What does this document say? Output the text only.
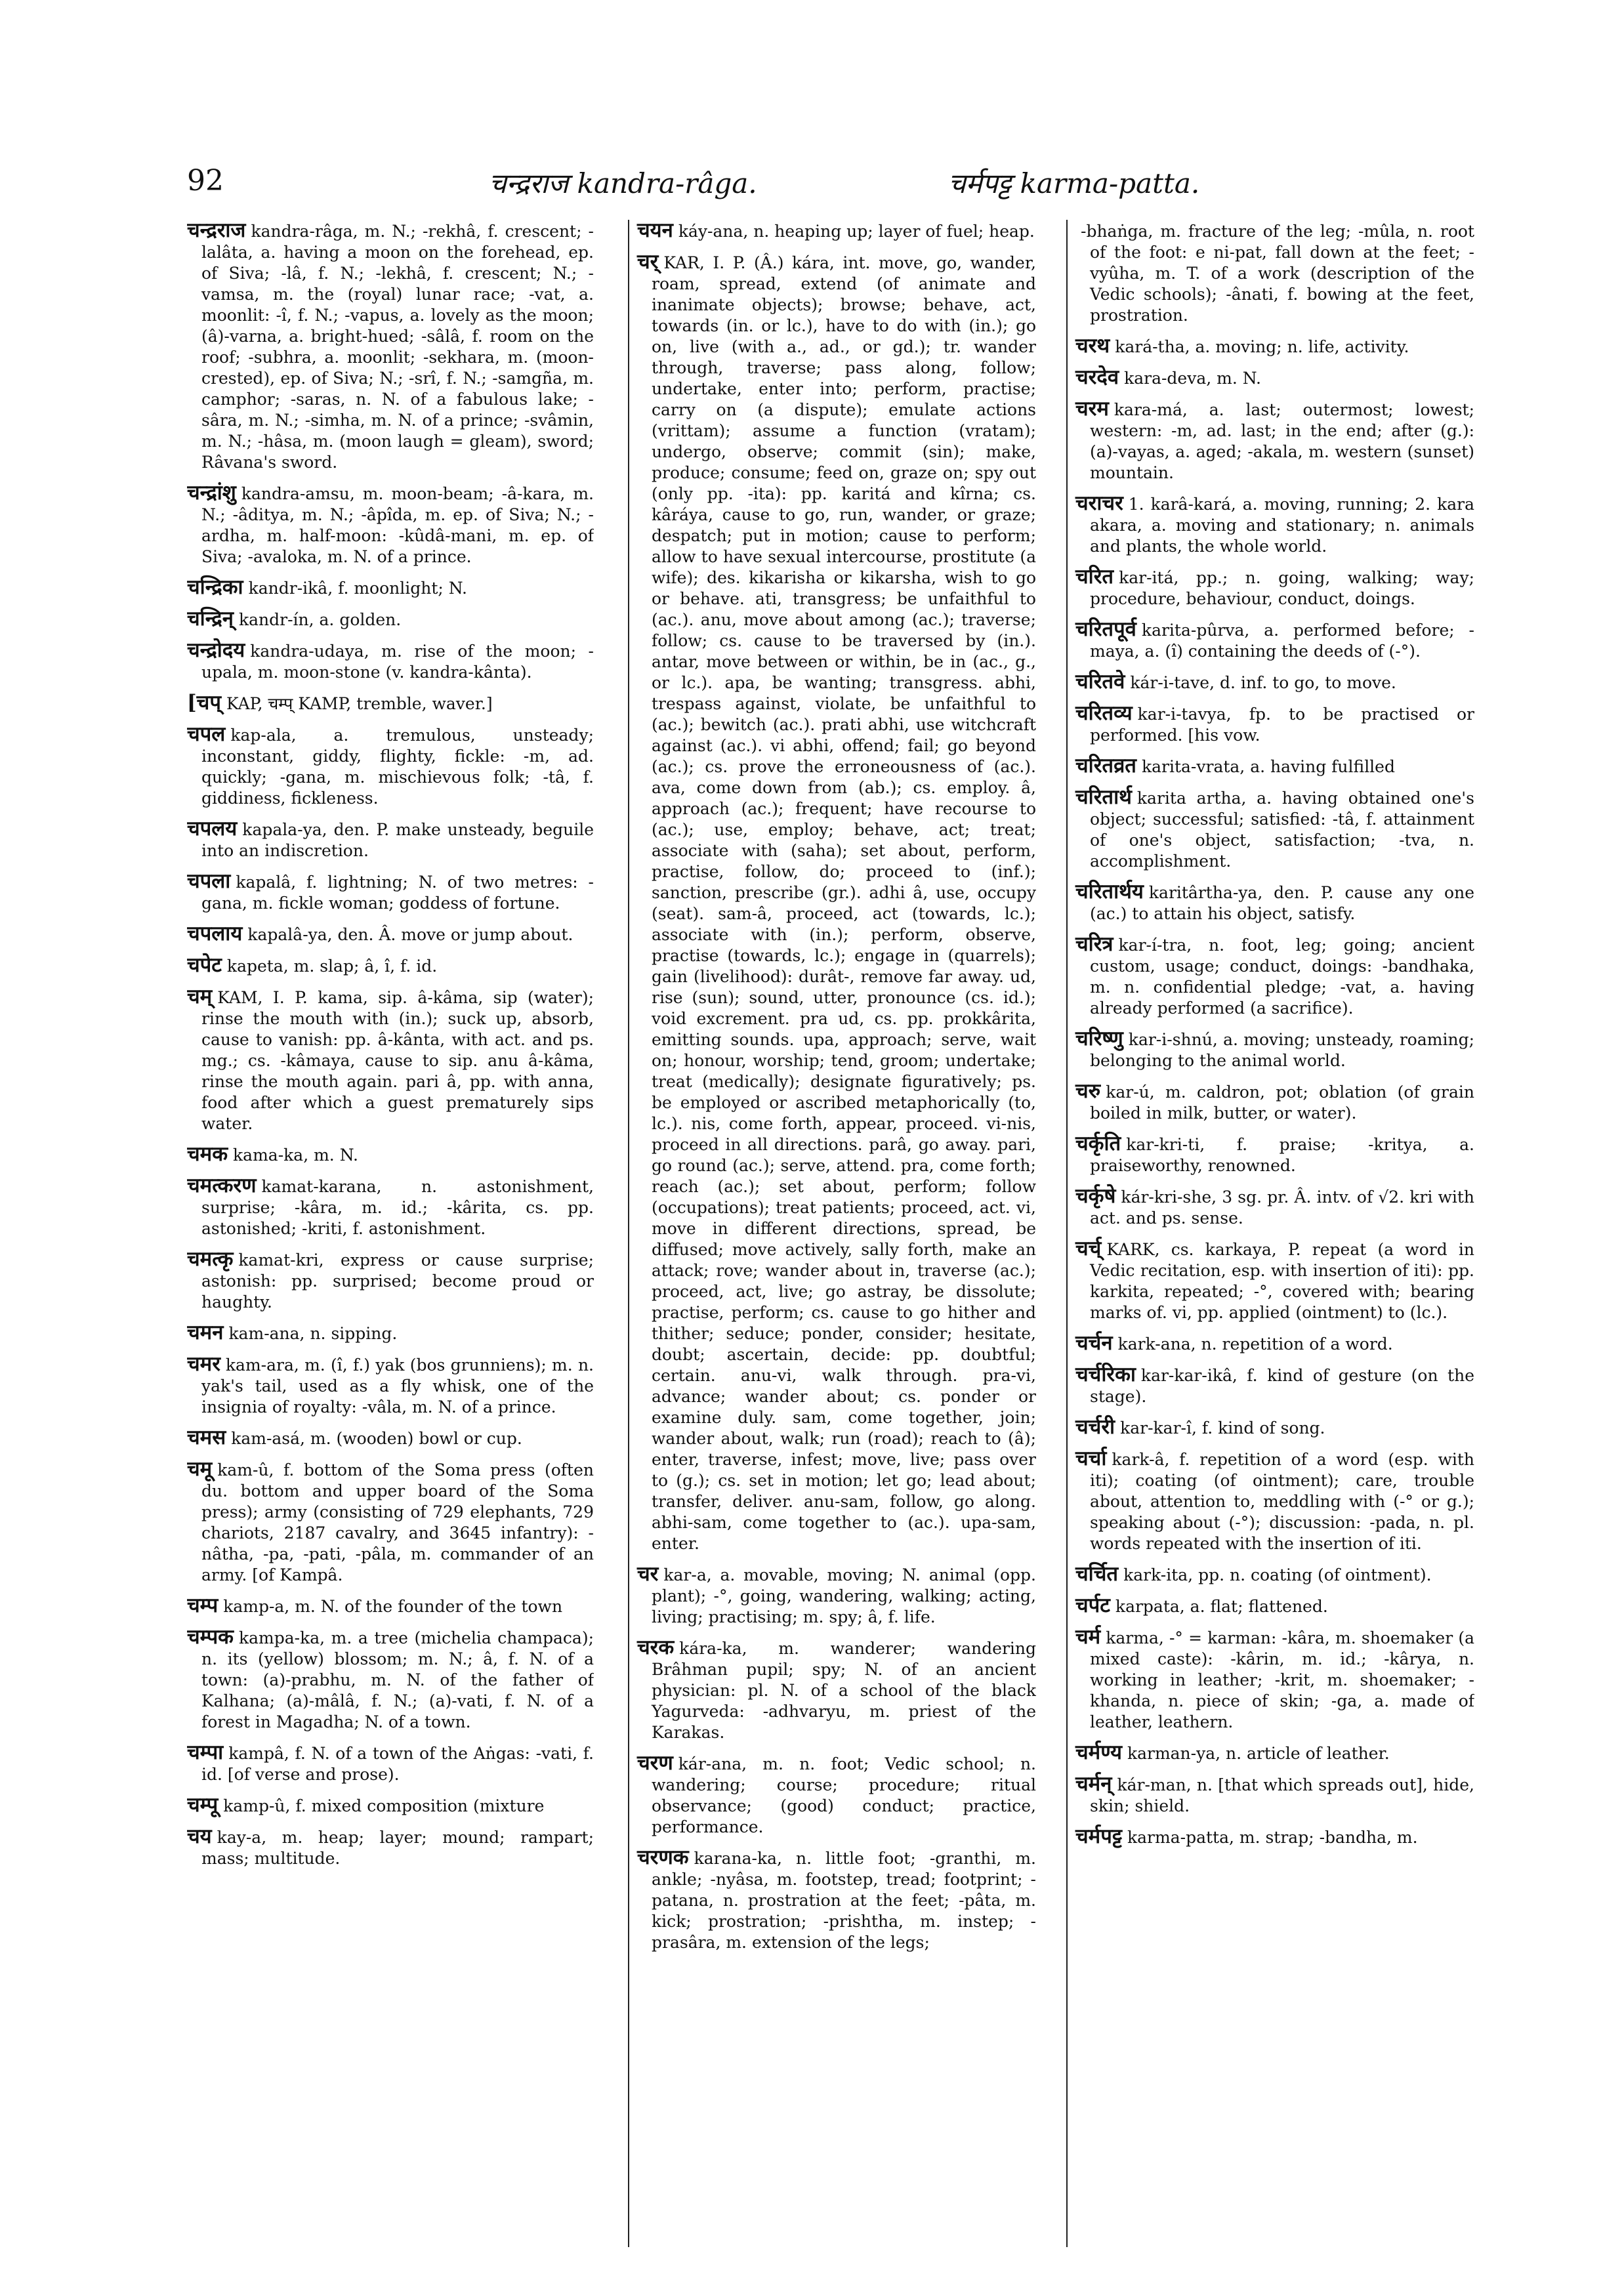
92	चन्द्रराज kandra-râga.	चर्मपट्ट karma-patta.

चन्द्रराज kandra-râga, m. N.; -rekhâ, f. crescent; -lalâta, a. having a moon on the forehead, ep. of Siva; -lâ, f. N.; -lekhâ, f. crescent; N.; -vamsa, m. the (royal) lunar race; -vat, a. moonlit: -î, f. N.; -vapus, a. lovely as the moon; (â)-varna, a. bright-hued; -sâlâ, f. room on the roof; -subhra, a. moonlit; -sekhara, m. (moon-crested), ep. of Siva; N.; -srî, f. N.; -samgña, m. camphor; -saras, n. N. of a fabulous lake; -sâra, m. N.; -simha, m. N. of a prince; -svâmin, m. N.; -hâsa, m. (moon laugh = gleam), sword; Râvana's sword.

चन्द्रांशु kandra-amsu, m. moon-beam; -â-kara, m. N.; -âditya, m. N.; -âpîda, m. ep. of Siva; N.; -ardha, m. half-moon: -kûdâ-mani, m. ep. of Siva; -avaloka, m. N. of a prince.

चन्द्रिका kandr-ikâ, f. moonlight; N.

चन्द्रिन् kandr-ín, a. golden.

चन्द्रोदय kandra-udaya, m. rise of the moon; -upala, m. moon-stone (v. kandra-kânta).

[चप् KAP, चम्प् KAMP, tremble, waver.]

चपल kap-ala, a. tremulous, unsteady; inconstant, giddy, flighty, fickle: -m, ad. quickly; -gana, m. mischievous folk; -tâ, f. giddiness, fickleness.

चपलय kapala-ya, den. P. make unsteady, beguile into an indiscretion.

चपला kapalâ, f. lightning; N. of two metres: -gana, m. fickle woman; goddess of fortune.

चपलाय kapalâ-ya, den. Â. move or jump about.

चपेट kapeta, m. slap; â, î, f. id.

चम् KAM, I. P. kama, sip. â-kâma, sip (water); rinse the mouth with (in.); suck up, absorb, cause to vanish: pp. â-kânta, with act. and ps. mg.; cs. -kâmaya, cause to sip. anu â-kâma, rinse the mouth again. pari â, pp. with anna, food after which a guest prematurely sips water.

चमक kama-ka, m. N.

चमत्करण kamat-karana, n. astonishment, surprise; -kâra, m. id.; -kârita, cs. pp. astonished; -kriti, f. astonishment.

चमत्कृ kamat-kri, express or cause surprise; astonish: pp. surprised; become proud or haughty.

चमन kam-ana, n. sipping.

चमर kam-ara, m. (î, f.) yak (bos grunniens); m. n. yak's tail, used as a fly whisk, one of the insignia of royalty: -vâla, m. N. of a prince.

चमस kam-asá, m. (wooden) bowl or cup.

चमू kam-û, f. bottom of the Soma press (often du. bottom and upper board of the Soma press); army (consisting of 729 elephants, 729 chariots, 2187 cavalry, and 3645 infantry): -nâtha, -pa, -pati, -pâla, m. commander of an army. [of Kampâ.

चम्प kamp-a, m. N. of the founder of the town

चम्पक kampa-ka, m. a tree (michelia champaca); n. its (yellow) blossom; m. N.; â, f. N. of a town: (a)-prabhu, m. N. of the father of Kalhana; (a)-mâlâ, f. N.; (a)-vati, f. N. of a forest in Magadha; N. of a town.

चम्पा kampâ, f. N. of a town of the Aṅgas: -vati, f. id. [of verse and prose).

चम्पू kamp-û, f. mixed composition (mixture

चय kay-a, m. heap; layer; mound; rampart; mass; multitude.

चयन káy-ana, n. heaping up; layer of fuel; heap.

चर् KAR, I. P. (Â.) kára, int. move, go, wander, roam, spread, extend (of animate and inanimate objects); browse; behave, act, towards (in. or lc.), have to do with (in.); go on, live (with a., ad., or gd.); tr. wander through, traverse; pass along, follow; undertake, enter into; perform, practise; carry on (a dispute); emulate actions (vrittam); assume a function (vratam); undergo, observe; commit (sin); make, produce; consume; feed on, graze on; spy out (only pp. -ita): pp. karitá and kîrna; cs. kâráya, cause to go, run, wander, or graze; despatch; put in motion; cause to perform; allow to have sexual intercourse, prostitute (a wife); des. kikarisha or kikarsha, wish to go or behave. ati, transgress; be unfaithful to (ac.). anu, move about among (ac.); traverse; follow; cs. cause to be traversed by (in.). antar, move between or within, be in (ac., g., or lc.). apa, be wanting; transgress. abhi, trespass against, violate, be unfaithful to (ac.); bewitch (ac.). prati abhi, use witchcraft against (ac.). vi abhi, offend; fail; go beyond (ac.); cs. prove the erroneousness of (ac.). ava, come down from (ab.); cs. employ. â, approach (ac.); frequent; have recourse to (ac.); use, employ; behave, act; treat; associate with (saha); set about, perform, practise, follow, do; proceed to (inf.); sanction, prescribe (gr.). adhi â, use, occupy (seat). sam-â, proceed, act (towards, lc.); associate with (in.); perform, observe, practise (towards, lc.); engage in (quarrels); gain (livelihood): durât-, remove far away. ud, rise (sun); sound, utter, pronounce (cs. id.); void excrement. pra ud, cs. pp. prokkârita, emitting sounds. upa, approach; serve, wait on; honour, worship; tend, groom; undertake; treat (medically); designate figuratively; ps. be employed or ascribed metaphorically (to, lc.). nis, come forth, appear, proceed. vi-nis, proceed in all directions. parâ, go away. pari, go round (ac.); serve, attend. pra, come forth; reach (ac.); set about, perform; follow (occupations); treat patients; proceed, act. vi, move in different directions, spread, be diffused; move actively, sally forth, make an attack; rove; wander about in, traverse (ac.); proceed, act, live; go astray, be dissolute; practise, perform; cs. cause to go hither and thither; seduce; ponder, consider; hesitate, doubt; ascertain, decide: pp. doubtful; certain. anu-vi, walk through. pra-vi, advance; wander about; cs. ponder or examine duly. sam, come together, join; wander about, walk; run (road); reach to (â); enter, traverse, infest; move, live; pass over to (g.); cs. set in motion; let go; lead about; transfer, deliver. anu-sam, follow, go along. abhi-sam, come together to (ac.). upa-sam, enter.

चर kar-a, a. movable, moving; N. animal (opp. plant); -°, going, wandering, walking; acting, living; practising; m. spy; â, f. life.

चरक kára-ka, m. wanderer; wandering Brâhman pupil; spy; N. of an ancient physician: pl. N. of a school of the black Yagurveda: -adhvaryu, m. priest of the Karakas.

चरण kár-ana, m. n. foot; Vedic school; n. wandering; course; procedure; ritual observance; (good) conduct; practice, performance.

चरणक karana-ka, n. little foot; -granthi, m. ankle; -nyâsa, m. footstep, tread; footprint; -patana, n. prostration at the feet; -pâta, m. kick; prostration; -prishtha, m. instep; -prasâra, m. extension of the legs;

-bhaṅga, m. fracture of the leg; -mûla, n. root of the foot: e ni-pat, fall down at the feet; -vyûha, m. T. of a work (description of the Vedic schools); -ânati, f. bowing at the feet, prostration.

चरथ kará-tha, a. moving; n. life, activity.

चरदेव kara-deva, m. N.

चरम kara-má, a. last; outermost; lowest; western: -m, ad. last; in the end; after (g.): (a)-vayas, a. aged; -akala, m. western (sunset) mountain.

चराचर 1. karâ-kará, a. moving, running; 2. kara akara, a. moving and stationary; n. animals and plants, the whole world.

चरित kar-itá, pp.; n. going, walking; way; procedure, behaviour, conduct, doings.

चरितपूर्व karita-pûrva, a. performed before; -maya, a. (î) containing the deeds of (-°).

चरितवे kár-i-tave, d. inf. to go, to move.

चरितव्य kar-i-tavya, fp. to be practised or performed. [his vow.

चरितव्रत karita-vrata, a. having fulfilled

चरितार्थ karita artha, a. having obtained one's object; successful; satisfied: -tâ, f. attainment of one's object, satisfaction; -tva, n. accomplishment.

चरितार्थय karitârtha-ya, den. P. cause any one (ac.) to attain his object, satisfy.

चरित्र kar-í-tra, n. foot, leg; going; ancient custom, usage; conduct, doings: -bandhaka, m. n. confidential pledge; -vat, a. having already performed (a sacrifice).

चरिष्णु kar-i-shnú, a. moving; unsteady, roaming; belonging to the animal world.

चरु kar-ú, m. caldron, pot; oblation (of grain boiled in milk, butter, or water).

चर्कृति kar-kri-ti, f. praise; -kritya, a. praiseworthy, renowned.

चर्कृषे kár-kri-she, 3 sg. pr. Â. intv. of √2. kri with act. and ps. sense.

चर्च् KARK, cs. karkaya, P. repeat (a word in Vedic recitation, esp. with insertion of iti): pp. karkita, repeated; -°, covered with; bearing marks of. vi, pp. applied (ointment) to (lc.).

चर्चन kark-ana, n. repetition of a word.

चर्चरिका kar-kar-ikâ, f. kind of gesture (on the stage).

चर्चरी kar-kar-î, f. kind of song.

चर्चा kark-â, f. repetition of a word (esp. with iti); coating (of ointment); care, trouble about, attention to, meddling with (-° or g.); speaking about (-°); discussion: -pada, n. pl. words repeated with the insertion of iti.

चर्चित kark-ita, pp. n. coating (of ointment).

चर्पट karpata, a. flat; flattened.

चर्म karma, -° = karman: -kâra, m. shoemaker (a mixed caste): -kârin, m. id.; -kârya, n. working in leather; -krit, m. shoemaker; -khanda, n. piece of skin; -ga, a. made of leather, leathern.

चर्मण्य karman-ya, n. article of leather.

चर्मन् kár-man, n. [that which spreads out], hide, skin; shield.

चर्मपट्ट karma-patta, m. strap; -bandha, m.
